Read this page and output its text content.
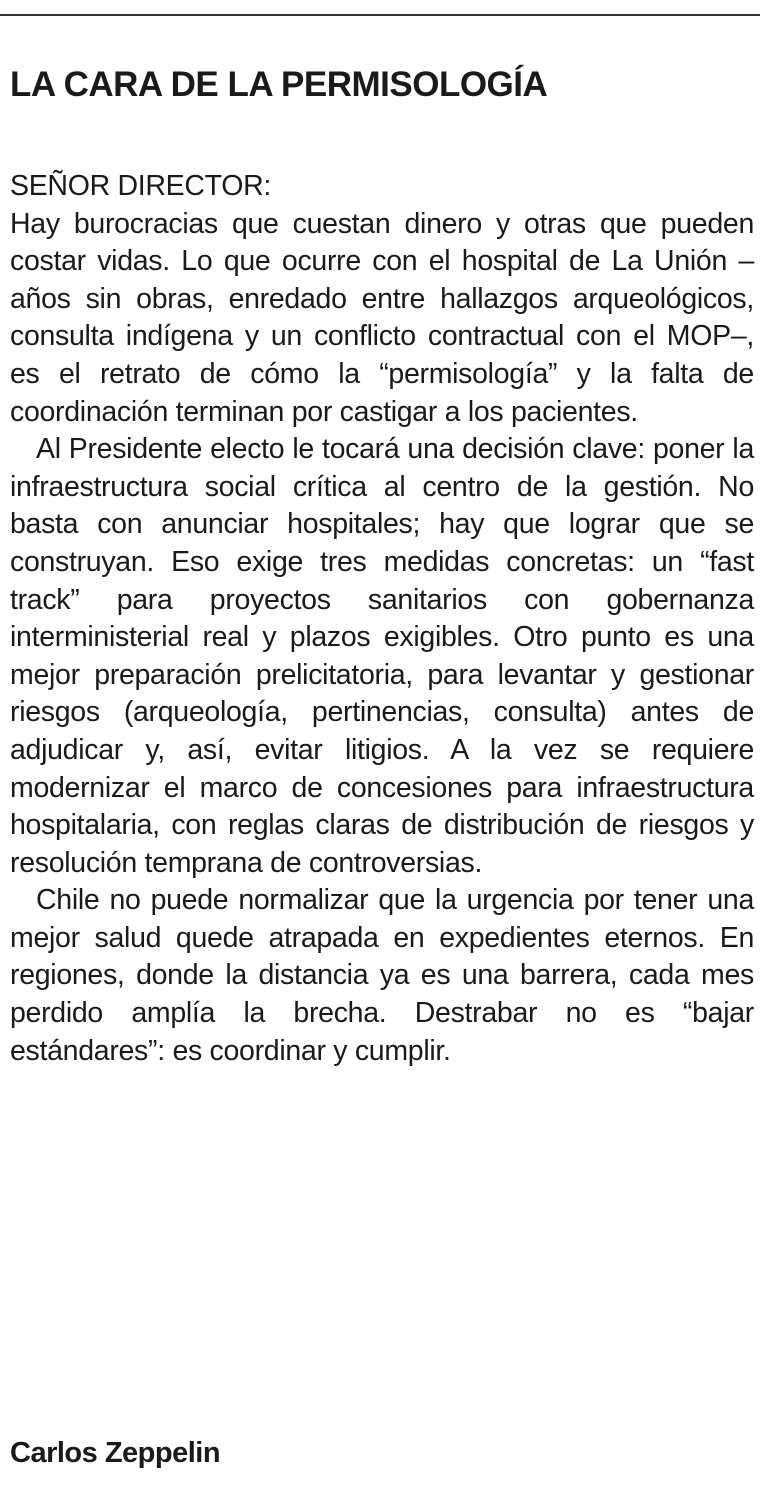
LA CARA DE LA PERMISOLOGÍA

SEÑOR DIRECTOR:

Hay burocracias que cuestan dinero y otras que pueden costar vidas. Lo que ocurre con el hospital de La Unión –años sin obras, enredado entre hallazgos arqueológicos, consulta indígena y un conflicto contractual con el MOP–, es el retrato de cómo la “permisología” y la falta de coordinación terminan por castigar a los pacientes.

Al Presidente electo le tocará una decisión clave: poner la infraestructura social crítica al centro de la gestión. No basta con anunciar hospitales; hay que lograr que se construyan. Eso exige tres medidas concretas: un “fast track” para proyectos sanitarios con gobernanza interministerial real y plazos exigibles. Otro punto es una mejor preparación prelicitatoria, para levantar y gestionar riesgos (arqueología, pertinencias, consulta) antes de adjudicar y, así, evitar litigios. A la vez se requiere modernizar el marco de concesiones para infraestructura hospitalaria, con reglas claras de distribución de riesgos y resolución temprana de controversias.

Chile no puede normalizar que la urgencia por tener una mejor salud quede atrapada en expedientes eternos. En regiones, donde la distancia ya es una barrera, cada mes perdido amplía la brecha. Destrabar no es “bajar estándares”: es coordinar y cumplir.

Carlos Zeppelin
